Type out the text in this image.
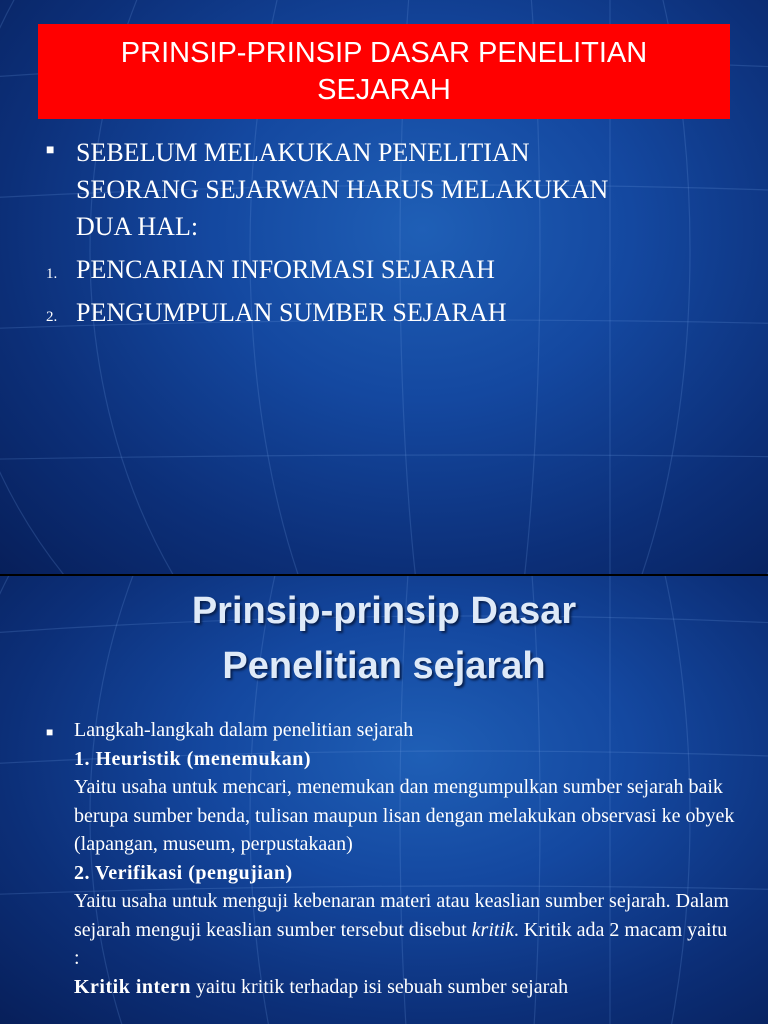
PRINSIP-PRINSIP DASAR PENELITIAN
SEJARAH
■ SEBELUM MELAKUKAN PENELITIAN
SEORANG SEJARWAN HARUS MELAKUKAN
DUA HAL:
1. PENCARIAN INFORMASI SEJARAH
2. PENGUMPULAN SUMBER SEJARAH
Prinsip-prinsip Dasar
Penelitian sejarah
■	Langkah-langkah dalam penelitian sejarah

1. Heuristik (menemukan)

Yaitu usaha untuk mencari, menemukan dan mengumpulkan sumber sejarah baik berupa sumber benda, tulisan maupun lisan dengan melakukan observasi ke obyek (lapangan, museum, perpustakaan)

2. Verifikasi (pengujian)

Yaitu usaha untuk menguji kebenaran materi atau keaslian sumber sejarah. Dalam sejarah menguji keaslian sumber tersebut disebut kritik. Kritik ada 2 macam yaitu :

Kritik intern yaitu kritik terhadap isi sebuah sumber sejarah
